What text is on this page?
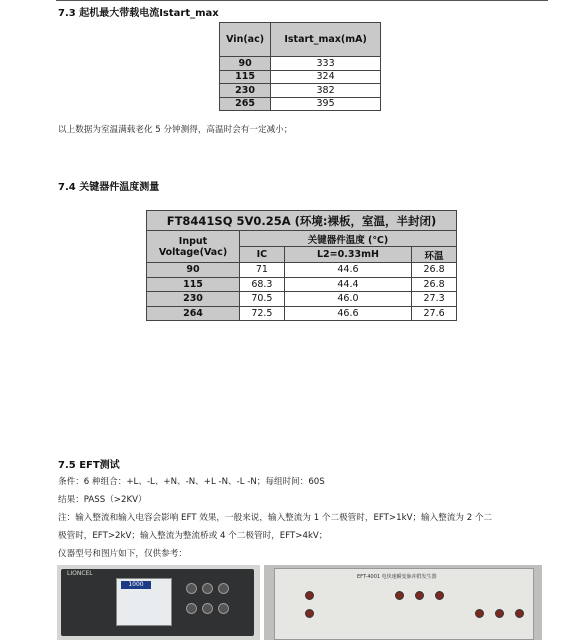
7.3 起机最大带载电流Istart_max
Vin(ac)	Istart_max(mA)
90	333
115	324
230	382
265	395
以上数据为室温满载老化 5 分钟测得，高温时会有一定减小；
7.4 关键器件温度测量
FT8441SQ 5V0.25A (环境:裸板，室温，半封闭)			
Input Voltage(Vac)	关键器件温度 (℃)		
	IC	L2=0.33mH	环温
90	71	44.6	26.8
115	68.3	44.4	26.8
230	70.5	46.0	27.3
264	72.5	46.6	27.6
7.5 EFT测试
条件：6 种组合：+L、-L、+N、-N、+L -N、-L -N；每组时间：60S
结果：PASS（>2KV）
注：输入整流和输入电容会影响 EFT 效果，一般来说，输入整流为 1 个二极管时，EFT>1kV；输入整流为 2 个二
极管时，EFT>2kV；输入整流为整流桥或 4 个二极管时，EFT>4kV；
仪器型号和图片如下，仅供参考：
LIONCEL
1000
EFT-4001 电快速瞬变脉冲群发生器
